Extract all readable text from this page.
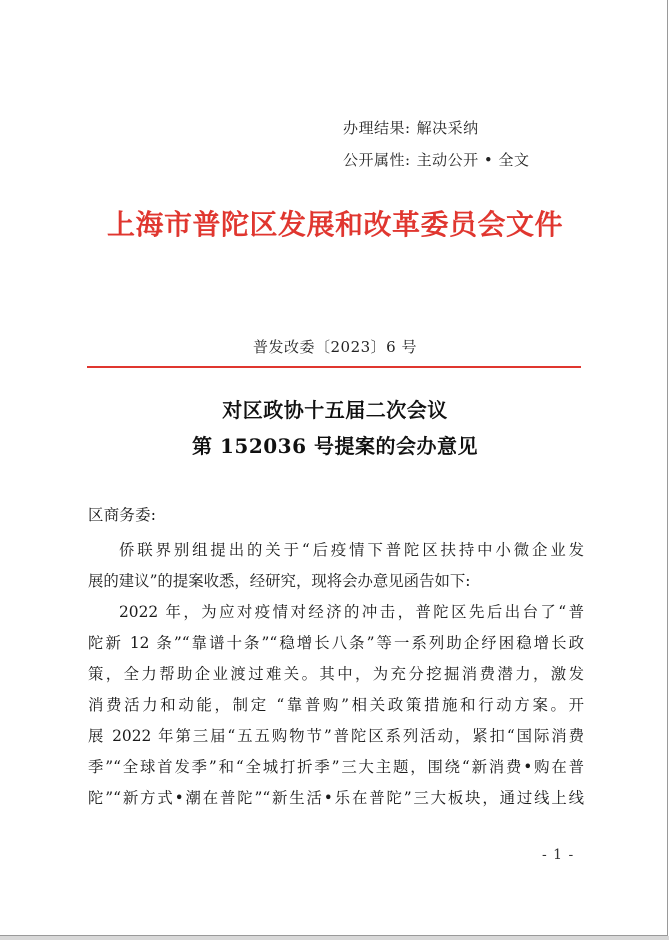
办理结果: 解决采纳
公开属性: 主动公开 • 全文
上海市普陀区发展和改革委员会文件
普发改委〔2023〕6 号
对区政协十五届二次会议
第 152036 号提案的会办意见
区商务委:
侨联界别组提出的关于“后疫情下普陀区扶持中小微企业发
展的建议”的提案收悉，经研究，现将会办意见函告如下:
2022 年，为应对疫情对经济的冲击，普陀区先后出台了“普
陀新 12 条”“靠谱十条”“稳增长八条”等一系列助企纾困稳增长政
策，全力帮助企业渡过难关。其中，为充分挖掘消费潜力，激发
消费活力和动能，制定 “靠普购”相关政策措施和行动方案。开
展 2022 年第三届“五五购物节”普陀区系列活动，紧扣“国际消费
季”“全球首发季”和“全城打折季”三大主题，围绕“新消费•购在普
陀”“新方式•潮在普陀”“新生活•乐在普陀”三大板块，通过线上线
- 1 -
